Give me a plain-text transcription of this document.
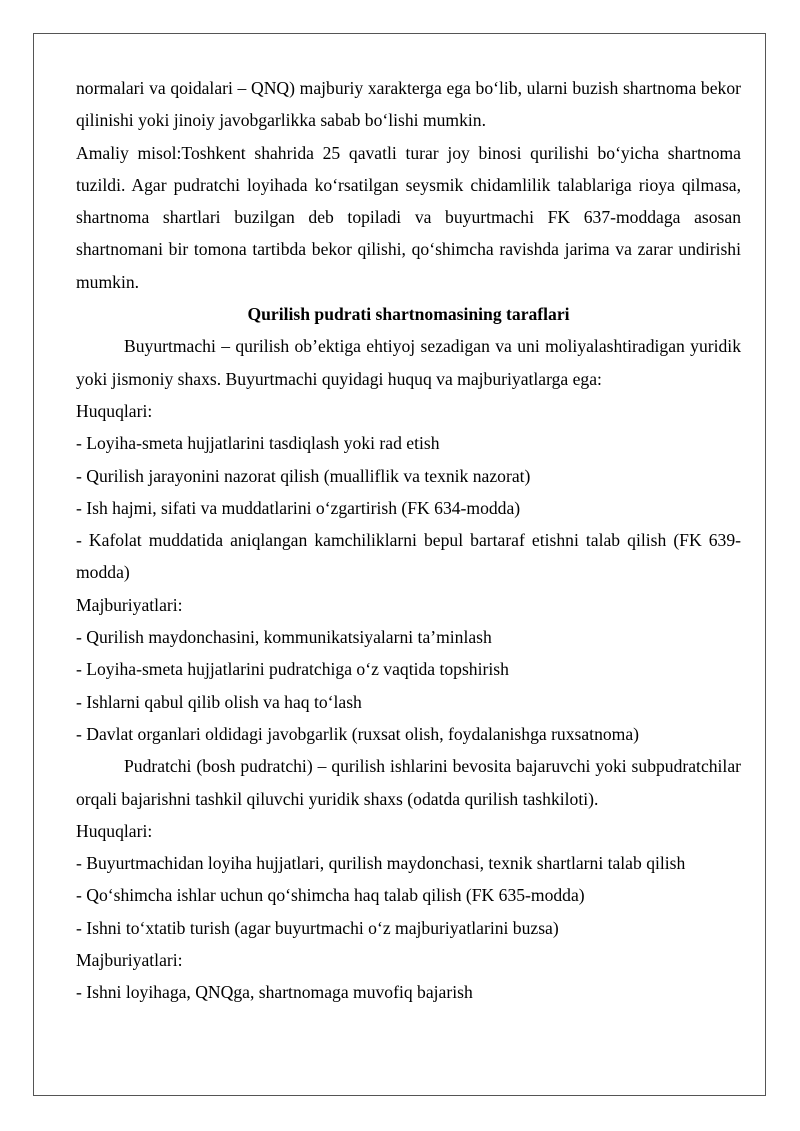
normalari va qoidalari – QNQ) majburiy xarakterga ega bo‘lib, ularni buzish shartnoma bekor qilinishi yoki jinoiy javobgarlikka sabab bo‘lishi mumkin.

Amaliy misol:Toshkent shahrida 25 qavatli turar joy binosi qurilishi bo‘yicha shartnoma tuzildi. Agar pudratchi loyihada ko‘rsatilgan seysmik chidamlilik talablariga rioya qilmasa, shartnoma shartlari buzilgan deb topiladi va buyurtmachi FK 637-moddaga asosan shartnomani bir tomona tartibda bekor qilishi, qo‘shimcha ravishda jarima va zarar undirishi mumkin.

Qurilish pudrati shartnomasining taraflari

Buyurtmachi – qurilish ob’ektiga ehtiyoj sezadigan va uni moliyalashtiradigan yuridik yoki jismoniy shaxs. Buyurtmachi quyidagi huquq va majburiyatlarga ega:

Huquqlari:

- Loyiha-smeta hujjatlarini tasdiqlash yoki rad etish

- Qurilish jarayonini nazorat qilish (mualliflik va texnik nazorat)

- Ish hajmi, sifati va muddatlarini o‘zgartirish (FK 634-modda)

- Kafolat muddatida aniqlangan kamchiliklarni bepul bartaraf etishni talab qilish (FK 639-modda)

Majburiyatlari:

- Qurilish maydonchasini, kommunikatsiyalarni ta’minlash

- Loyiha-smeta hujjatlarini pudratchiga o‘z vaqtida topshirish

- Ishlarni qabul qilib olish va haq to‘lash

- Davlat organlari oldidagi javobgarlik (ruxsat olish, foydalanishga ruxsatnoma)

Pudratchi (bosh pudratchi) – qurilish ishlarini bevosita bajaruvchi yoki subpudratchilar orqali bajarishni tashkil qiluvchi yuridik shaxs (odatda qurilish tashkiloti).

Huquqlari:

- Buyurtmachidan loyiha hujjatlari, qurilish maydonchasi, texnik shartlarni talab qilish

- Qo‘shimcha ishlar uchun qo‘shimcha haq talab qilish (FK 635-modda)

- Ishni to‘xtatib turish (agar buyurtmachi o‘z majburiyatlarini buzsa)

Majburiyatlari:

- Ishni loyihaga, QNQga, shartnomaga muvofiq bajarish
